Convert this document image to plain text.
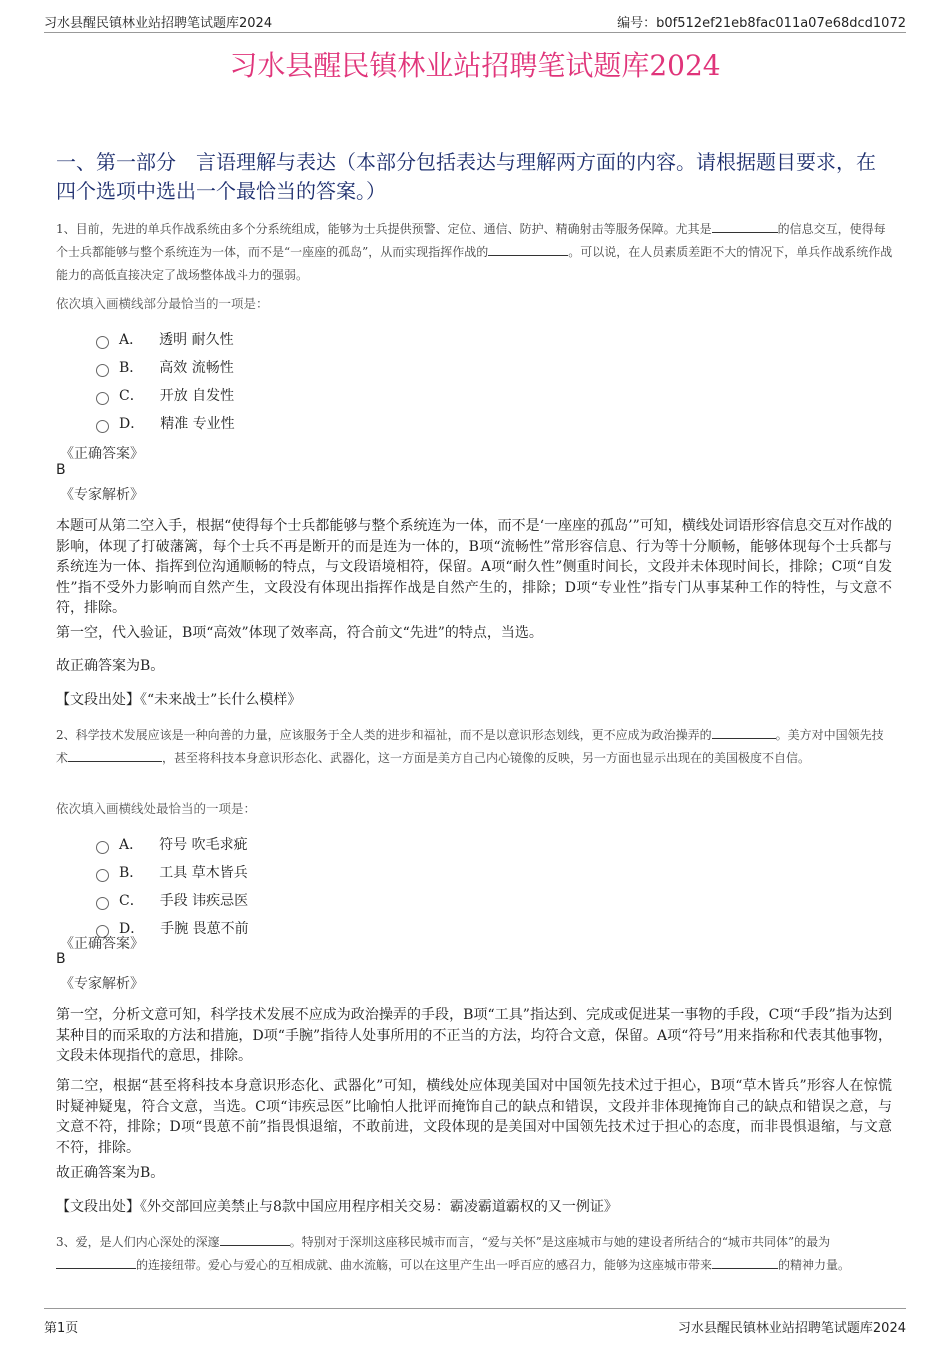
习水县醒民镇林业站招聘笔试题库2024	编号：b0f512ef21eb8fac011a07e68dcd1072
习水县醒民镇林业站招聘笔试题库2024
一、第一部分　言语理解与表达（本部分包括表达与理解两方面的内容。请根据题目要求，在四个选项中选出一个最恰当的答案。）
1、目前，先进的单兵作战系统由多个分系统组成，能够为士兵提供预警、定位、通信、防护、精确射击等服务保障。尤其是	的信息交互，使得每个士兵都能够与整个系统连为一体，而不是“一座座的孤岛”，从而实现指挥作战的	。可以说，在人员素质差距不大的情况下，单兵作战系统作战能力的高低直接决定了战场整体战斗力的强弱。
依次填入画横线部分最恰当的一项是：
A． 透明 耐久性
B． 高效 流畅性
C． 开放 自发性
D． 精准 专业性
《正确答案》
B
《专家解析》
本题可从第二空入手，根据“使得每个士兵都能够与整个系统连为一体，而不是‘一座座的孤岛’”可知，横线处词语形容信息交互对作战的影响，体现了打破藩篱，每个士兵不再是断开的而是连为一体的，B项“流畅性”常形容信息、行为等十分顺畅，能够体现每个士兵都与系统连为一体、指挥到位沟通顺畅的特点，与文段语境相符，保留。A项“耐久性”侧重时间长，文段并未体现时间长，排除；C项“自发性”指不受外力影响而自然产生，文段没有体现出指挥作战是自然产生的，排除；D项“专业性”指专门从事某种工作的特性，与文意不符，排除。
第一空，代入验证，B项“高效”体现了效率高，符合前文“先进”的特点，当选。
故正确答案为B。
【文段出处】《“未来战士”长什么模样》
2、科学技术发展应该是一种向善的力量，应该服务于全人类的进步和福祉，而不是以意识形态划线，更不应成为政治操弄的	。美方对中国领先技术	，甚至将科技本身意识形态化、武器化，这一方面是美方自己内心镜像的反映，另一方面也显示出现在的美国极度不自信。
依次填入画横线处最恰当的一项是：
A． 符号 吹毛求疵
B． 工具 草木皆兵
C． 手段 讳疾忌医
D． 手腕 畏葸不前
《正确答案》
B
《专家解析》
第一空，分析文意可知，科学技术发展不应成为政治操弄的手段，B项“工具”指达到、完成或促进某一事物的手段，C项“手段”指为达到某种目的而采取的方法和措施，D项“手腕”指待人处事所用的不正当的方法，均符合文意，保留。A项“符号”用来指称和代表其他事物，文段未体现指代的意思，排除。
第二空，根据“甚至将科技本身意识形态化、武器化”可知，横线处应体现美国对中国领先技术过于担心，B项“草木皆兵”形容人在惊慌时疑神疑鬼，符合文意，当选。C项“讳疾忌医”比喻怕人批评而掩饰自己的缺点和错误，文段并非体现掩饰自己的缺点和错误之意，与文意不符，排除；D项“畏葸不前”指畏惧退缩，不敢前进，文段体现的是美国对中国领先技术过于担心的态度，而非畏惧退缩，与文意不符，排除。
故正确答案为B。
【文段出处】《外交部回应美禁止与8款中国应用程序相关交易：霸凌霸道霸权的又一例证》
3、爱，是人们内心深处的深邃	。特别对于深圳这座移民城市而言，“爱与关怀”是这座城市与她的建设者所结合的“城市共同体”的最为的连接纽带。爱心与爱心的互相成就、曲水流觞，可以在这里产生出一呼百应的感召力，能够为这座城市带来	的精神力量。
第1页	习水县醒民镇林业站招聘笔试题库2024
